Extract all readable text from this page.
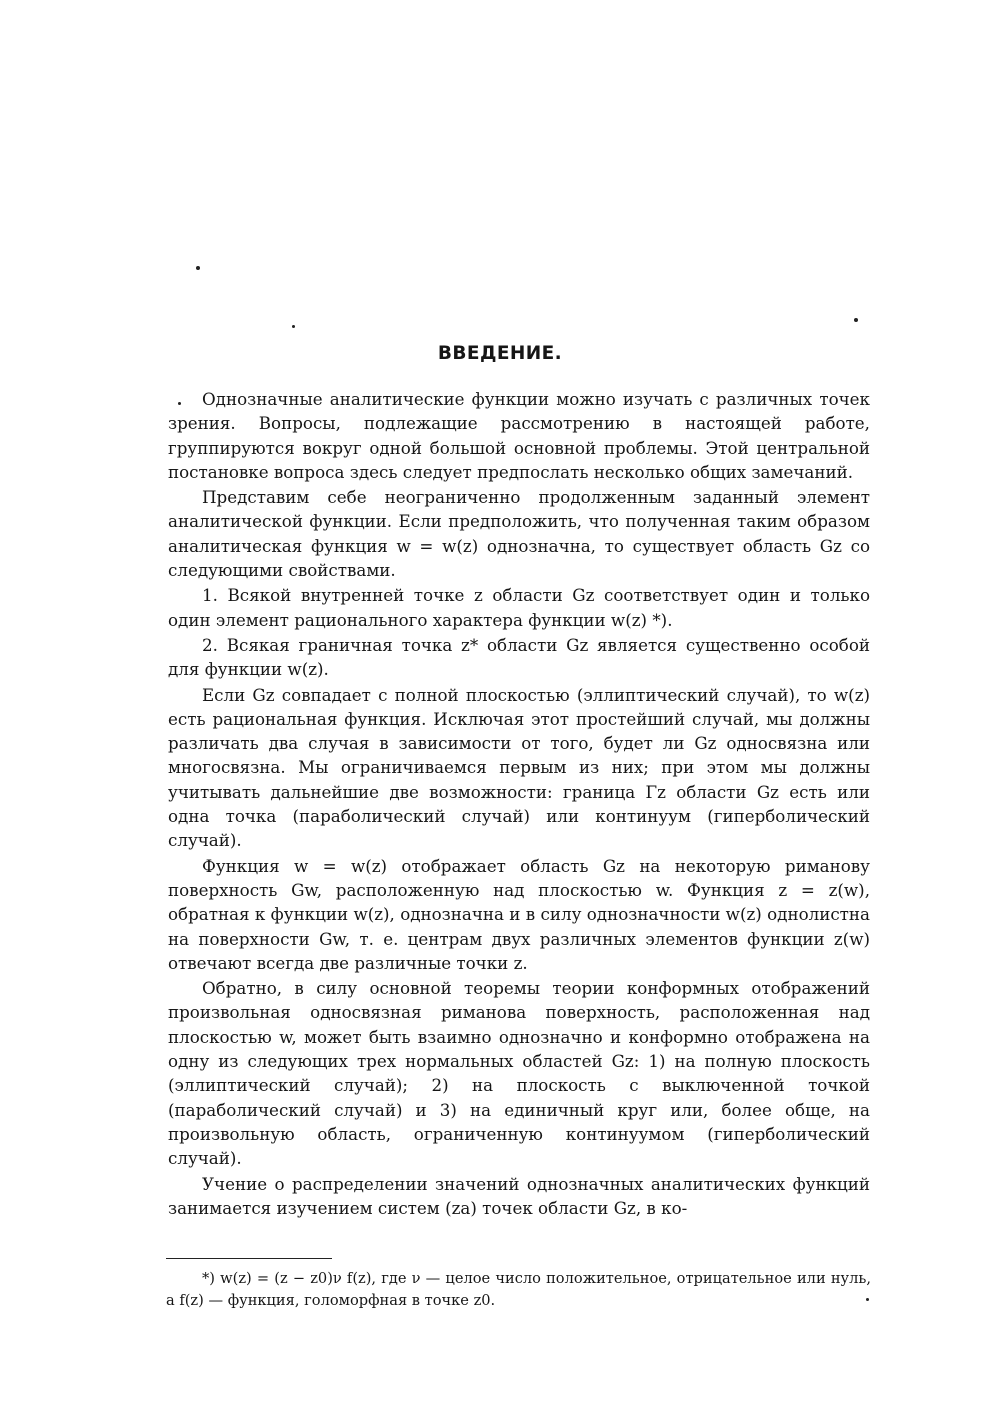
ВВЕДЕНИЕ.

Однозначные аналитические функции можно изучать с различных точек зрения. Вопросы, подлежащие рассмотрению в настоящей работе, группируются вокруг одной большой основной проблемы. Этой центральной постановке вопроса здесь следует предпослать несколько общих замечаний.

Представим себе неограниченно продолженным заданный элемент аналитической функции. Если предположить, что полученная таким образом аналитическая функция w = w(z) однозначна, то существует область Gz со следующими свойствами.

1. Всякой внутренней точке z области Gz соответствует один и только один элемент рационального характера функции w(z) *).

2. Всякая граничная точка z* области Gz является существенно особой для функции w(z).

Если Gz совпадает с полной плоскостью (эллиптический случай), то w(z) есть рациональная функция. Исключая этот простейший случай, мы должны различать два случая в зависимости от того, будет ли Gz односвязна или многосвязна. Мы ограничиваемся первым из них; при этом мы должны учитывать дальнейшие две возможности: граница Γz области Gz есть или одна точка (параболический случай) или континуум (гиперболический случай).

Функция w = w(z) отображает область Gz на некоторую риманову поверхность Gw, расположенную над плоскостью w. Функция z = z(w), обратная к функции w(z), однозначна и в силу однозначности w(z) однолистна на поверхности Gw, т. е. центрам двух различных элементов функции z(w) отвечают всегда две различные точки z.

Обратно, в силу основной теоремы теории конформных отображений произвольная односвязная риманова поверхность, расположенная над плоскостью w, может быть взаимно однозначно и конформно отображена на одну из следующих трех нормальных областей Gz: 1) на полную плоскость (эллиптический случай); 2) на плоскость с выключенной точкой (параболический случай) и 3) на единичный круг или, более обще, на произвольную область, ограниченную континуумом (гиперболический случай).

Учение о распределении значений однозначных аналитических функций занимается изучением систем (za) точек области Gz, в ко-

*) w(z) = (z − z0)ν f(z), где ν — целое число положительное, отрицательное или нуль, а f(z) — функция, голоморфная в точке z0.
